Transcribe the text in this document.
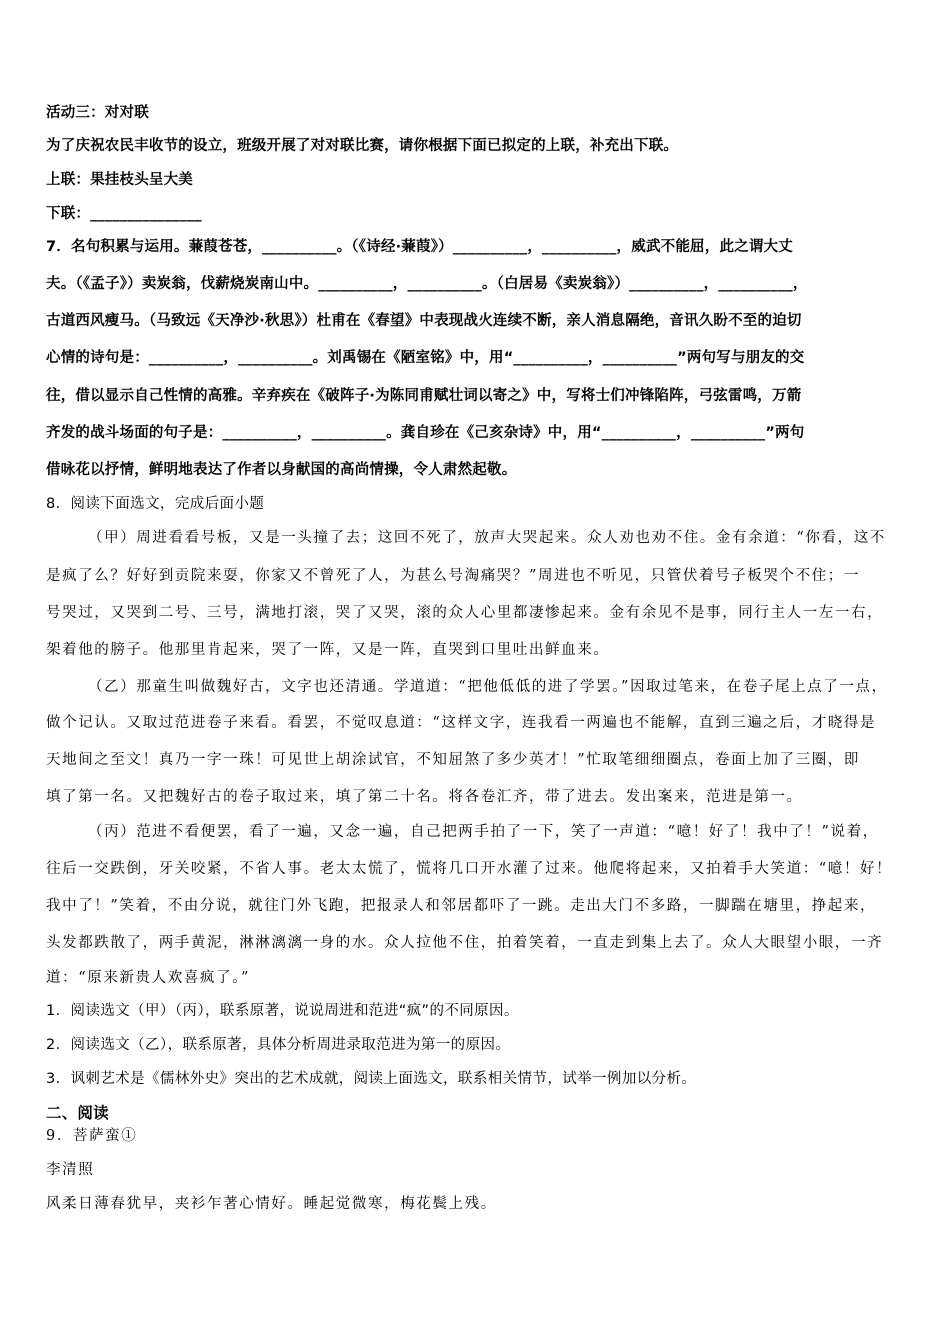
活动三：对对联
为了庆祝农民丰收节的设立，班级开展了对对联比赛，请你根据下面已拟定的上联，补充出下联。
上联：果挂枝头呈大美
下联：_______________
7．名句积累与运用。蒹葭苍苍，__________。（《诗经·蒹葭》）__________，__________，威武不能屈，此之谓大丈
夫。（《孟子》）卖炭翁，伐薪烧炭南山中。__________，__________。（白居易《卖炭翁》）__________，__________，
古道西风瘦马。（马致远《天净沙·秋思》）杜甫在《春望》中表现战火连续不断，亲人消息隔绝，音讯久盼不至的迫切
心情的诗句是：__________，__________。刘禹锡在《陋室铭》中，用“__________，__________”两句写与朋友的交
往，借以显示自己性情的高雅。辛弃疾在《破阵子·为陈同甫赋壮词以寄之》中，写将士们冲锋陷阵，弓弦雷鸣，万箭
齐发的战斗场面的句子是：__________，__________。龚自珍在《己亥杂诗》中，用“__________，__________”两句
借咏花以抒情，鲜明地表达了作者以身献国的高尚情操，令人肃然起敬。
8．阅读下面选文，完成后面小题
（甲）周进看看号板，又是一头撞了去；这回不死了，放声大哭起来。众人劝也劝不住。金有余道：“你看，这不
是疯了么？好好到贡院来耍，你家又不曾死了人，为甚么号淘痛哭？”周进也不听见，只管伏着号子板哭个不住；一
号哭过，又哭到二号、三号，满地打滚，哭了又哭，滚的众人心里都凄惨起来。金有余见不是事，同行主人一左一右，
架着他的膀子。他那里肯起来，哭了一阵，又是一阵，直哭到口里吐出鲜血来。
（乙）那童生叫做魏好古，文字也还清通。学道道：“把他低低的进了学罢。”因取过笔来，在卷子尾上点了一点，
做个记认。又取过范进卷子来看。看罢，不觉叹息道：“这样文字，连我看一两遍也不能解，直到三遍之后，才晓得是
天地间之至文！真乃一字一珠！可见世上胡涂试官，不知屈煞了多少英才！”忙取笔细细圈点，卷面上加了三圈，即
填了第一名。又把魏好古的卷子取过来，填了第二十名。将各卷汇齐，带了进去。发出案来，范进是第一。
（丙）范进不看便罢，看了一遍，又念一遍，自己把两手拍了一下，笑了一声道：“噫！好了！我中了！”说着，
往后一交跌倒，牙关咬紧，不省人事。老太太慌了，慌将几口开水灌了过来。他爬将起来，又拍着手大笑道：“噫！好！
我中了！”笑着，不由分说，就往门外飞跑，把报录人和邻居都吓了一跳。走出大门不多路，一脚踹在塘里，挣起来，
头发都跌散了，两手黄泥，淋淋漓漓一身的水。众人拉他不住，拍着笑着，一直走到集上去了。众人大眼望小眼，一齐
道：“原来新贵人欢喜疯了。”
1．阅读选文（甲）（丙），联系原著，说说周进和范进“疯”的不同原因。
2．阅读选文（乙），联系原著，具体分析周进录取范进为第一的原因。
3．讽刺艺术是《儒林外史》突出的艺术成就，阅读上面选文，联系相关情节，试举一例加以分析。
二、阅读
9．菩萨蛮①
李清照
风柔日薄春犹早，夹衫乍著心情好。睡起觉微寒，梅花鬓上残。
